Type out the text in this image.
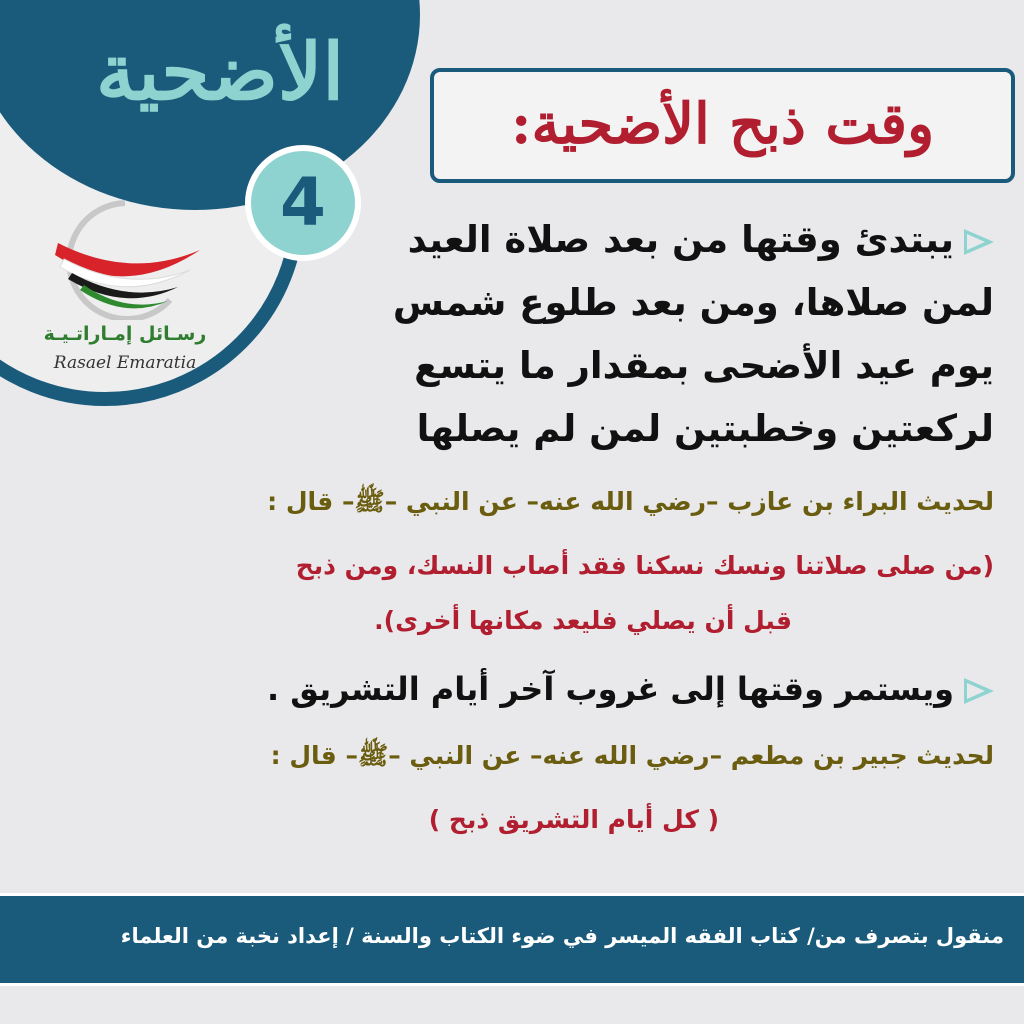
الأضحية
4
رسـائل إمـاراتـيـة
Rasael Emaratia
وقت ذبح الأضحية:
يبتدئ وقتها من بعد صلاة العيد
لمن صلاها، ومن بعد طلوع شمس
يوم عيد الأضحى بمقدار ما يتسع
لركعتين وخطبتين لمن لم يصلها
لحديث البراء بن عازب –رضي الله عنه– عن النبي –ﷺ– قال :
(من صلى صلاتنا ونسك نسكنا فقد أصاب النسك، ومن ذبح
قبل أن يصلي فليعد مكانها أخرى).
ويستمر وقتها إلى غروب آخر أيام التشريق .
لحديث جبير بن مطعم –رضي الله عنه– عن النبي –ﷺ– قال :
( كل أيام التشريق ذبح )
منقول بتصرف من/ كتاب الفقه الميسر في ضوء الكتاب والسنة / إعداد نخبة من العلماء
